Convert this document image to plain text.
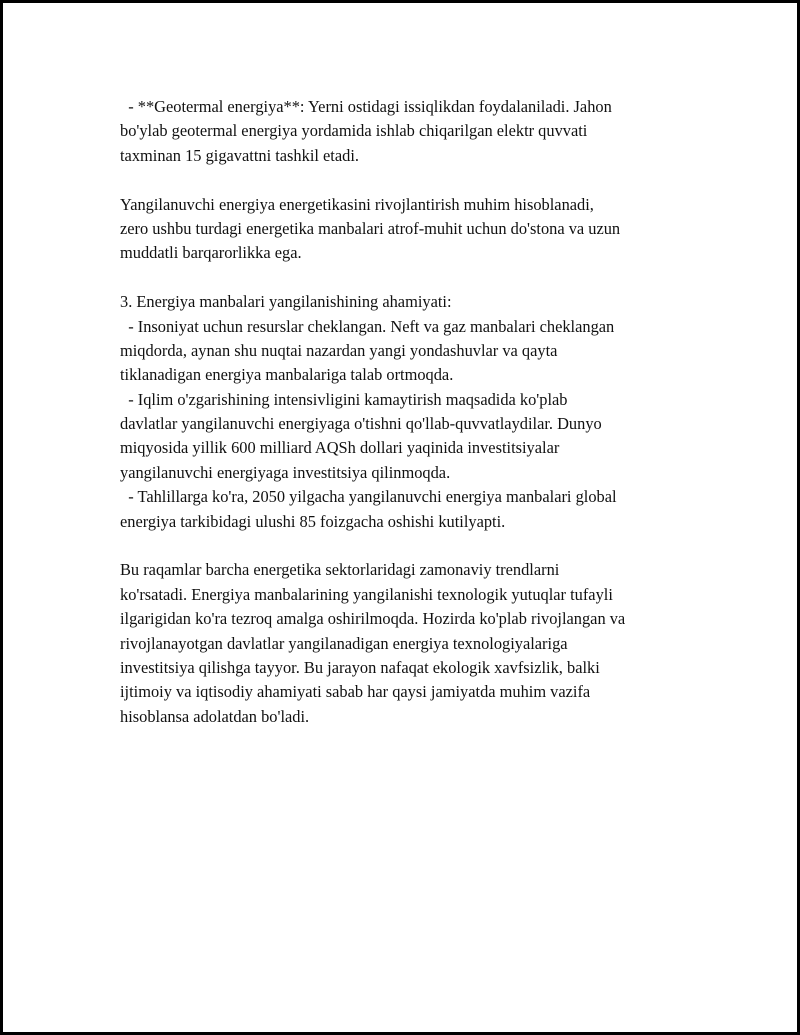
- **Geotermal energiya**: Yerni ostidagi issiqlikdan foydalaniladi. Jahon
bo'ylab geotermal energiya yordamida ishlab chiqarilgan elektr quvvati
taxminan 15 gigavattni tashkil etadi.
Yangilanuvchi energiya energetikasini rivojlantirish muhim hisoblanadi,
zero ushbu turdagi energetika manbalari atrof-muhit uchun do'stona va uzun
muddatli barqarorlikka ega.
3. Energiya manbalari yangilanishining ahamiyati:
- Insoniyat uchun resurslar cheklangan. Neft va gaz manbalari cheklangan
miqdorda, aynan shu nuqtai nazardan yangi yondashuvlar va qayta
tiklanadigan energiya manbalariga talab ortmoqda.
- Iqlim o'zgarishining intensivligini kamaytirish maqsadida ko'plab
davlatlar yangilanuvchi energiyaga o'tishni qo'llab-quvvatlaydilar. Dunyo
miqyosida yillik 600 milliard AQSh dollari yaqinida investitsiyalar
yangilanuvchi energiyaga investitsiya qilinmoqda.
- Tahlillarga ko'ra, 2050 yilgacha yangilanuvchi energiya manbalari global
energiya tarkibidagi ulushi 85 foizgacha oshishi kutilyapti.
Bu raqamlar barcha energetika sektorlaridagi zamonaviy trendlarni
ko'rsatadi. Energiya manbalarining yangilanishi texnologik yutuqlar tufayli
ilgarigidan ko'ra tezroq amalga oshirilmoqda. Hozirda ko'plab rivojlangan va
rivojlanayotgan davlatlar yangilanadigan energiya texnologiyalariga
investitsiya qilishga tayyor. Bu jarayon nafaqat ekologik xavfsizlik, balki
ijtimoiy va iqtisodiy ahamiyati sabab har qaysi jamiyatda muhim vazifa
hisoblansa adolatdan bo'ladi.
